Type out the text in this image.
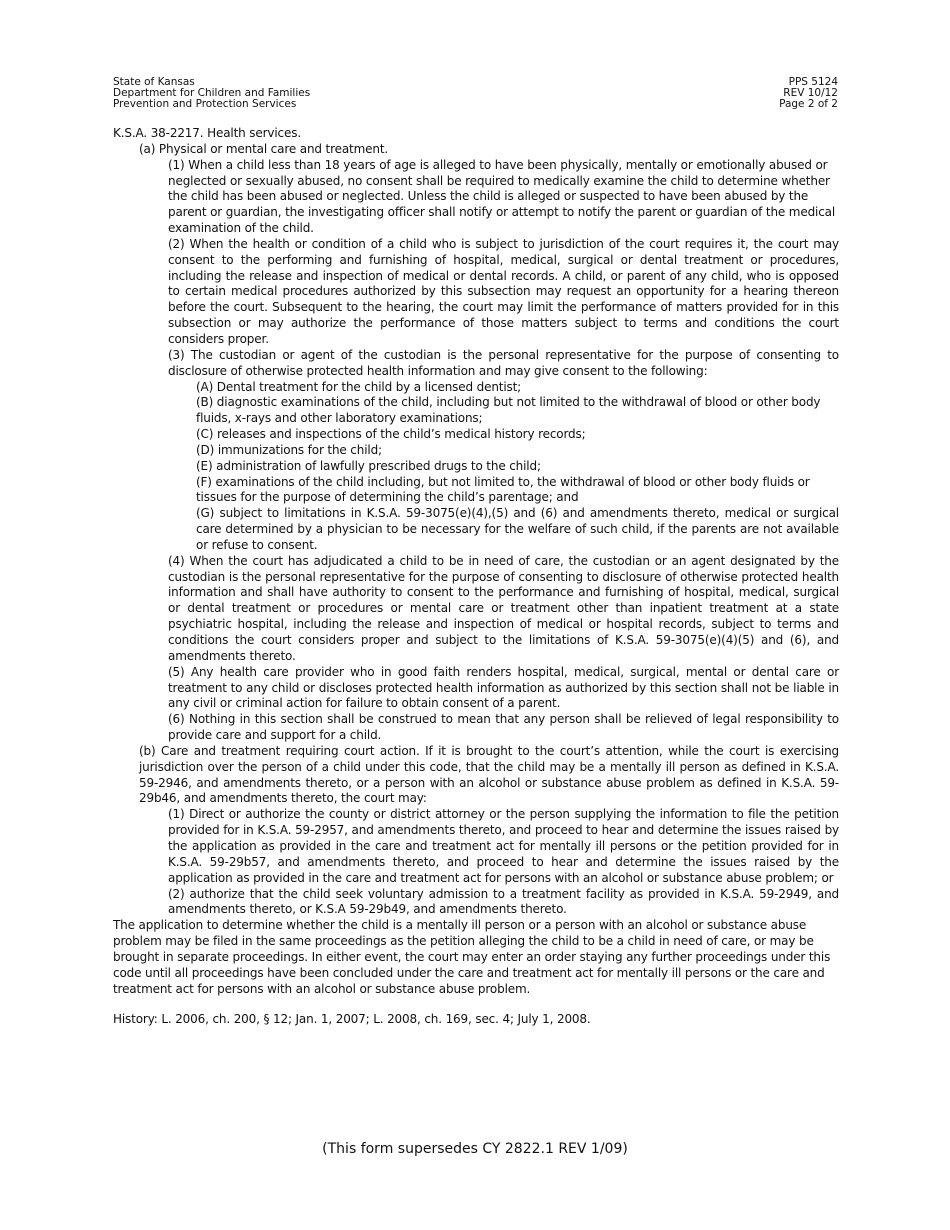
State of Kansas
Department for Children and Families
Prevention and Protection Services
PPS 5124
REV 10/12
Page 2 of 2

K.S.A. 38-2217. Health services.

(a) Physical or mental care and treatment.

(1) When a child less than 18 years of age is alleged to have been physically, mentally or emotionally abused or neglected or sexually abused, no consent shall be required to medically examine the child to determine whether the child has been abused or neglected. Unless the child is alleged or suspected to have been abused by the parent or guardian, the investigating officer shall notify or attempt to notify the parent or guardian of the medical examination of the child.

(2) When the health or condition of a child who is subject to jurisdiction of the court requires it, the court may consent to the performing and furnishing of hospital, medical, surgical or dental treatment or procedures, including the release and inspection of medical or dental records. A child, or parent of any child, who is opposed to certain medical procedures authorized by this subsection may request an opportunity for a hearing thereon before the court. Subsequent to the hearing, the court may limit the performance of matters provided for in this subsection or may authorize the performance of those matters subject to terms and conditions the court considers proper.

(3) The custodian or agent of the custodian is the personal representative for the purpose of consenting to disclosure of otherwise protected health information and may give consent to the following:

(A) Dental treatment for the child by a licensed dentist;

(B) diagnostic examinations of the child, including but not limited to the withdrawal of blood or other body fluids, x-rays and other laboratory examinations;

(C) releases and inspections of the child’s medical history records;

(D) immunizations for the child;

(E) administration of lawfully prescribed drugs to the child;

(F) examinations of the child including, but not limited to, the withdrawal of blood or other body fluids or tissues for the purpose of determining the child’s parentage; and

(G) subject to limitations in K.S.A. 59-3075(e)(4),(5) and (6) and amendments thereto, medical or surgical care determined by a physician to be necessary for the welfare of such child, if the parents are not available or refuse to consent.

(4) When the court has adjudicated a child to be in need of care, the custodian or an agent designated by the custodian is the personal representative for the purpose of consenting to disclosure of otherwise protected health information and shall have authority to consent to the performance and furnishing of hospital, medical, surgical or dental treatment or procedures or mental care or treatment other than inpatient treatment at a state psychiatric hospital, including the release and inspection of medical or hospital records, subject to terms and conditions the court considers proper and subject to the limitations of K.S.A. 59-3075(e)(4)(5) and (6), and amendments thereto.

(5) Any health care provider who in good faith renders hospital, medical, surgical, mental or dental care or treatment to any child or discloses protected health information as authorized by this section shall not be liable in any civil or criminal action for failure to obtain consent of a parent.

(6) Nothing in this section shall be construed to mean that any person shall be relieved of legal responsibility to provide care and support for a child.

(b) Care and treatment requiring court action. If it is brought to the court’s attention, while the court is exercising jurisdiction over the person of a child under this code, that the child may be a mentally ill person as defined in K.S.A. 59-2946, and amendments thereto, or a person with an alcohol or substance abuse problem as defined in K.S.A. 59-29b46, and amendments thereto, the court may:

(1) Direct or authorize the county or district attorney or the person supplying the information to file the petition provided for in K.S.A. 59-2957, and amendments thereto, and proceed to hear and determine the issues raised by the application as provided in the care and treatment act for mentally ill persons or the petition provided for in K.S.A. 59-29b57, and amendments thereto, and proceed to hear and determine the issues raised by the application as provided in the care and treatment act for persons with an alcohol or substance abuse problem; or

(2) authorize that the child seek voluntary admission to a treatment facility as provided in K.S.A. 59-2949, and amendments thereto, or K.S.A 59-29b49, and amendments thereto.

The application to determine whether the child is a mentally ill person or a person with an alcohol or substance abuse problem may be filed in the same proceedings as the petition alleging the child to be a child in need of care, or may be brought in separate proceedings. In either event, the court may enter an order staying any further proceedings under this code until all proceedings have been concluded under the care and treatment act for mentally ill persons or the care and treatment act for persons with an alcohol or substance abuse problem.

History: L. 2006, ch. 200, § 12; Jan. 1, 2007; L. 2008, ch. 169, sec. 4; July 1, 2008.

(This form supersedes CY 2822.1 REV 1/09)
